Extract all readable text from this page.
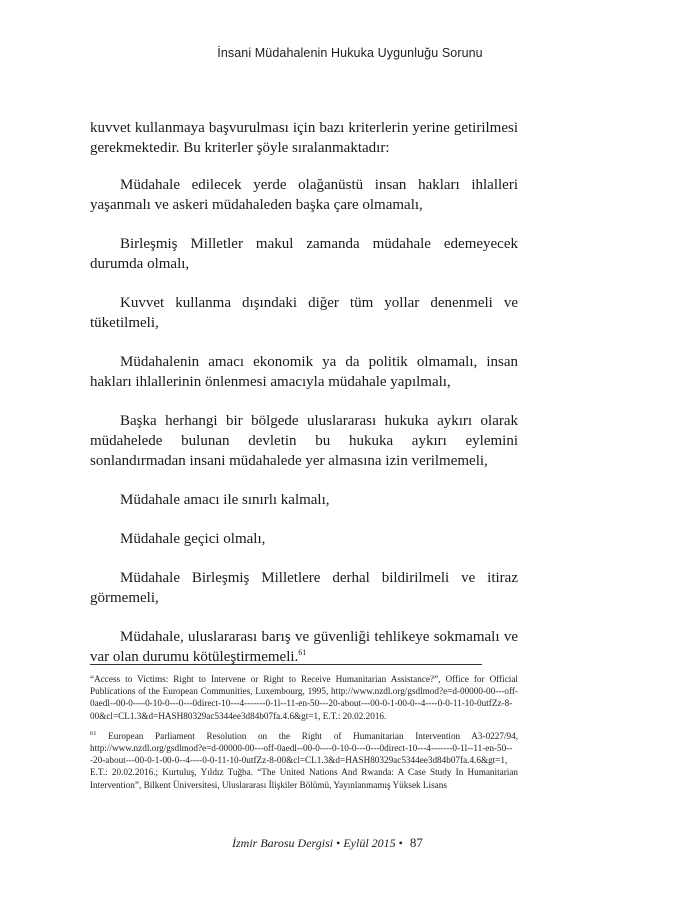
İnsani Müdahalenin Hukuka Uygunluğu Sorunu

kuvvet kullanmaya başvurulması için bazı kriterlerin yerine getirilmesi gerekmektedir. Bu kriterler şöyle sıralanmaktadır:

Müdahale edilecek yerde olağanüstü insan hakları ihlalleri yaşanmalı ve askeri müdahaleden başka çare olmamalı,

Birleşmiş Milletler makul zamanda müdahale edemeyecek durumda olmalı,

Kuvvet kullanma dışındaki diğer tüm yollar denenmeli ve tüketilmeli,

Müdahalenin amacı ekonomik ya da politik olmamalı, insan hakları ihlallerinin önlenmesi amacıyla müdahale yapılmalı,

Başka herhangi bir bölgede uluslararası hukuka aykırı olarak müdahelede bulunan devletin bu hukuka aykırı eylemini sonlandırmadan insani müdahalede yer almasına izin verilmemeli,

Müdahale amacı ile sınırlı kalmalı,

Müdahale geçici olmalı,

Müdahale Birleşmiş Milletlere derhal bildirilmeli ve itiraz görmemeli,

Müdahale, uluslararası barış ve güvenliği tehlikeye sokmamalı ve var olan durumu kötüleştirmemeli.$^{61}$

“Access to Victims: Right to Intervene or Right to Receive Humanitarian Assistance?”, Office for Official Publications of the European Communities, Luxembourg, 1995, http://www.nzdl.org/gsdlmod?e=d-00000-00---off-0aedl--00-0----0-10-0---0---0direct-10---4-------0-1l--11-en-50---20-about---00-0-1-00-0--4----0-0-11-10-0utfZz-8-00&cl=CL1.3&d=HASH80329ac5344ee3d84b07fa.4.6&gt=1, E.T.: 20.02.2016.

$^{61}$ European Parliament Resolution on the Right of Humanitarian Intervention A3-0227/94, http://www.nzdl.org/gsdlmod?e=d-00000-00---off-0aedl--00-0----0-10-0---0---0direct-10---4-------0-1l--11-en-50---20-about---00-0-1-00-0--4----0-0-11-10-0utfZz-8-00&cl=CL1.3&d=HASH80329ac5344ee3d84b07fa.4.6&gt=1, E.T.: 20.02.2016.; Kurtuluş, Yıldız Tuğba. “The United Nations And Rwanda: A Case Study In Humanitarian Intervention”, Bilkent Üniversitesi, Uluslararası İlişkiler Bölümü, Yayınlanmamış Yüksek Lisans

İzmir Barosu Dergisi • Eylül 2015 • 87
